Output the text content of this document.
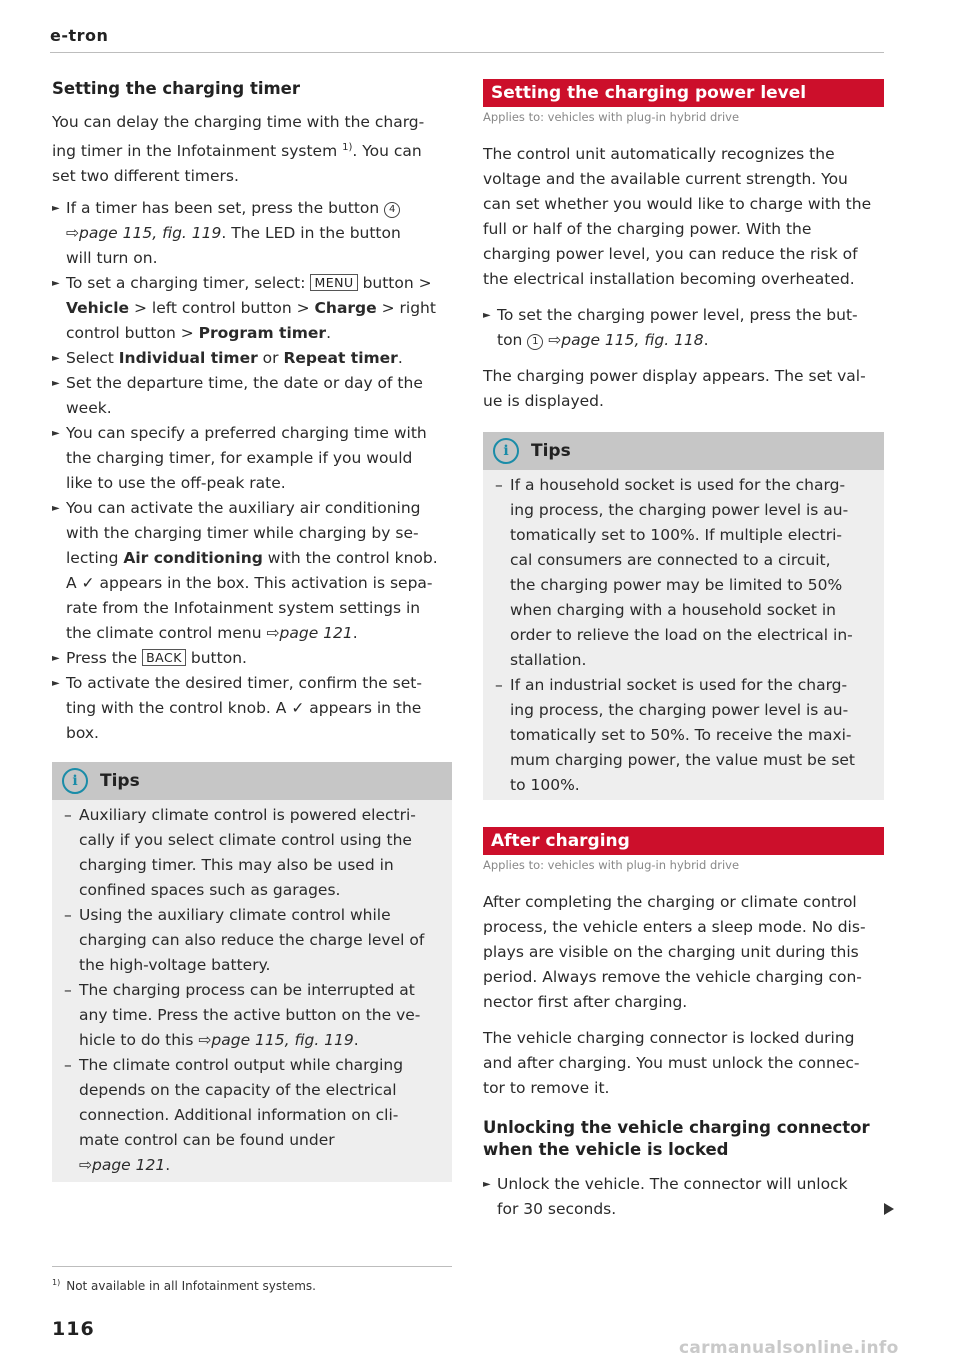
e-tron
Setting the charging timer
You can delay the charging time with the charg-
ing timer in the Infotainment system $^{1)}$. You can
set two different timers.
► If a timer has been set, press the button 4
⇨page 115, fig. 119. The LED in the button
will turn on.
► To set a charging timer, select: MENU button >
Vehicle > left control button > Charge > right
control button > Program timer.
► Select Individual timer or Repeat timer.
► Set the departure time, the date or day of the
week.
► You can specify a preferred charging time with
the charging timer, for example if you would
like to use the off-peak rate.
► You can activate the auxiliary air conditioning
with the charging timer while charging by se-
lecting Air conditioning with the control knob.
A ✓ appears in the box. This activation is sepa-
rate from the Infotainment system settings in
the climate control menu ⇨page 121.
► Press the BACK button.
► To activate the desired timer, confirm the set-
ting with the control knob. A ✓ appears in the
box.
i	Tips
– Auxiliary climate control is powered electri-
cally if you select climate control using the
charging timer. This may also be used in
confined spaces such as garages.
– Using the auxiliary climate control while
charging can also reduce the charge level of
the high-voltage battery.
– The charging process can be interrupted at
any time. Press the active button on the ve-
hicle to do this ⇨page 115, fig. 119.
– The climate control output while charging
depends on the capacity of the electrical
connection. Additional information on cli-
mate control can be found under
⇨page 121.
Setting the charging power level
Applies to: vehicles with plug-in hybrid drive
The control unit automatically recognizes the
voltage and the available current strength. You
can set whether you would like to charge with the
full or half of the charging power. With the
charging power level, you can reduce the risk of
the electrical installation becoming overheated.
► To set the charging power level, press the but-
ton 1 ⇨page 115, fig. 118.
The charging power display appears. The set val-
ue is displayed.
i	Tips
– If a household socket is used for the charg-
ing process, the charging power level is au-
tomatically set to 100%. If multiple electri-
cal consumers are connected to a circuit,
the charging power may be limited to 50%
when charging with a household socket in
order to relieve the load on the electrical in-
stallation.
– If an industrial socket is used for the charg-
ing process, the charging power level is au-
tomatically set to 50%. To receive the maxi-
mum charging power, the value must be set
to 100%.
After charging
Applies to: vehicles with plug-in hybrid drive
After completing the charging or climate control
process, the vehicle enters a sleep mode. No dis-
plays are visible on the charging unit during this
period. Always remove the vehicle charging con-
nector first after charging.
The vehicle charging connector is locked during
and after charging. You must unlock the connec-
tor to remove it.
Unlocking the vehicle charging connector
when the vehicle is locked
► Unlock the vehicle. The connector will unlock
for 30 seconds.
$^{1)}$ Not available in all Infotainment systems.
116
carmanualsonline.info
